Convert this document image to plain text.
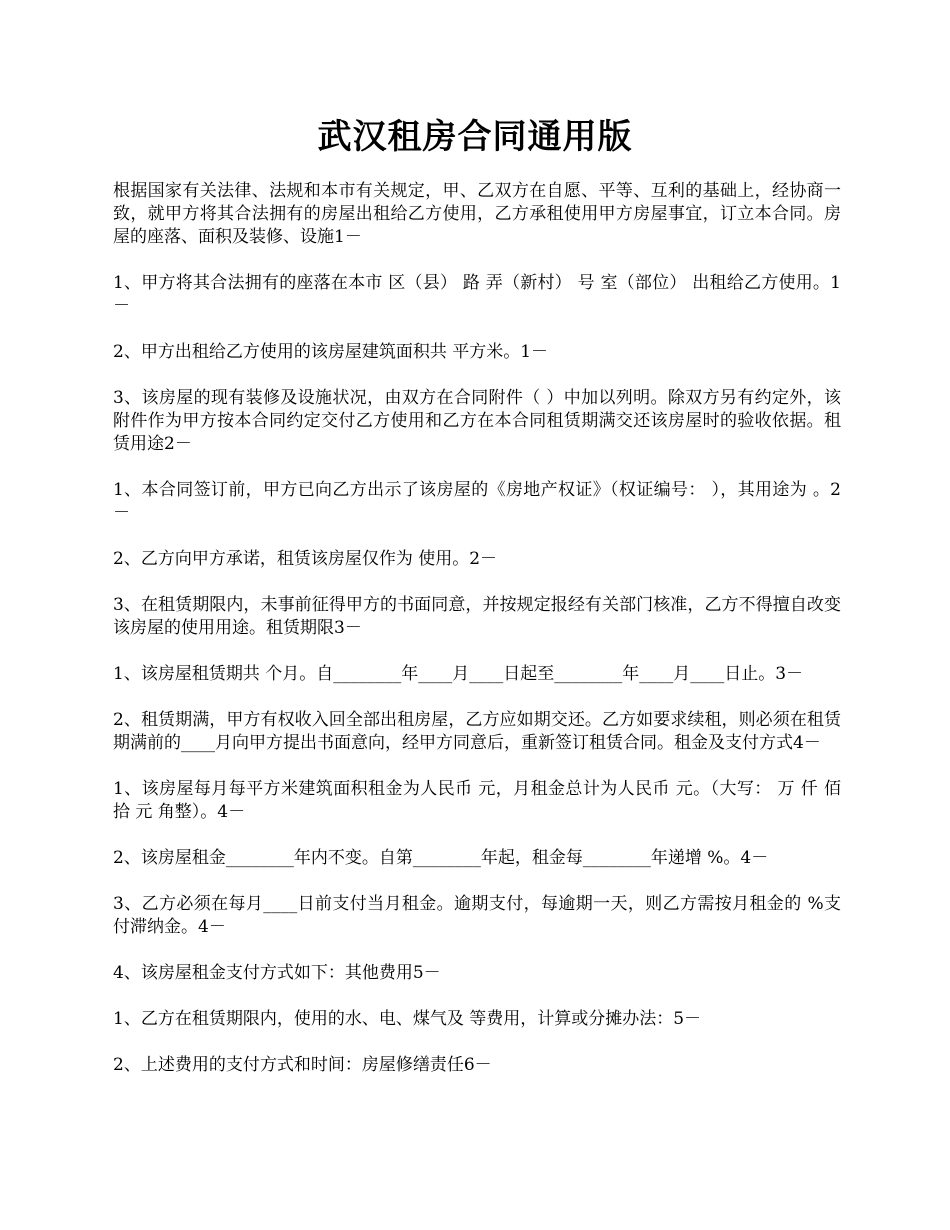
武汉租房合同通用版

根据国家有关法律、法规和本市有关规定，甲、乙双方在自愿、平等、互利的基础上，经协商一致，就甲方将其合法拥有的房屋出租给乙方使用，乙方承租使用甲方房屋事宜，订立本合同。房屋的座落、面积及装修、设施1－

1、甲方将其合法拥有的座落在本市 区（县） 路 弄（新村） 号 室（部位） 出租给乙方使用。1－

2、甲方出租给乙方使用的该房屋建筑面积共 平方米。1－

3、该房屋的现有装修及设施状况，由双方在合同附件（ ）中加以列明。除双方另有约定外，该附件作为甲方按本合同约定交付乙方使用和乙方在本合同租赁期满交还该房屋时的验收依据。租赁用途2－

1、本合同签订前，甲方已向乙方出示了该房屋的《房地产权证》（权证编号： ），其用途为 。2－

2、乙方向甲方承诺，租赁该房屋仅作为 使用。2－

3、在租赁期限内，未事前征得甲方的书面同意，并按规定报经有关部门核准，乙方不得擅自改变该房屋的使用用途。租赁期限3－

1、该房屋租赁期共 个月。自________年____月____日起至________年____月____日止。3－

2、租赁期满，甲方有权收入回全部出租房屋，乙方应如期交还。乙方如要求续租，则必须在租赁期满前的____月向甲方提出书面意向，经甲方同意后，重新签订租赁合同。租金及支付方式4－

1、该房屋每月每平方米建筑面积租金为人民币 元，月租金总计为人民币 元。（大写： 万 仟 佰 拾 元 角整）。4－

2、该房屋租金________年内不变。自第________年起，租金每________年递增 %。4－

3、乙方必须在每月____日前支付当月租金。逾期支付，每逾期一天，则乙方需按月租金的 %支付滞纳金。4－

4、该房屋租金支付方式如下：其他费用5－

1、乙方在租赁期限内，使用的水、电、煤气及 等费用，计算或分摊办法：5－

2、上述费用的支付方式和时间：房屋修缮责任6－
